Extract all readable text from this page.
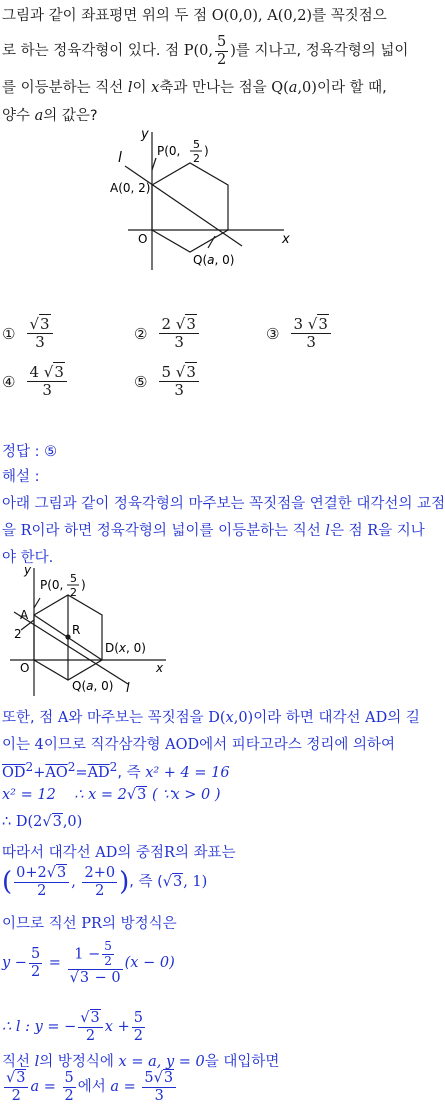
그림과 같이 좌표평면 위의 두 점 O(0,0), A(0,2)를 꼭짓점으
로 하는 정육각형이 있다. 점 P(0, $\frac{5}{2}$ )를 지나고, 정육각형의 넓이
를 이등분하는 직선 l이 x축과 만나는 점을 Q(a,0)이라 할 때,
양수 a의 값은?
y
x
l
O
P(0, 5
2
)
A(0, 2)
Q(a, 0)
① $\frac{√3}{3}$	② $\frac{2 √3}{3}$	③ $\frac{3 √3}{3}$
④ $\frac{4 √3}{3}$	⑤ $\frac{5 √3}{3}$
정답 : ⑤
해설 :
아래 그림과 같이 정육각형의 마주보는 꼭짓점을 연결한 대각선의 교점
을 R이라 하면 정육각형의 넓이를 이등분하는 직선 l은 점 R을 지나
야 한다.
y
x
l
O
A
2	R
P(0, 5
2
)
D(x, 0)
Q(a, 0)
또한, 점 A와 마주보는 꼭짓점을 D(x,0)이라 하면 대각선 AD의 길
이는 4이므로 직각삼각형 AOD에서 피타고라스 정리에 의하여
$\overline{OD}^2+\overline{AO}^2=\overline{AD}^2$, 즉 x² + 4 = 16
x² = 12 ∴ x = 2√3 ( ∵x > 0 )
∴ D(2√3,0)
따라서 대각선 AD의 중점R의 좌표는
( $\frac{0+2√3}{2}$ , $\frac{2+0}{2}$ ), 즉 (√3, 1)
이므로 직선 PR의 방정식은
$y - \frac{5}{2} = \frac{1 - \frac{5}{2}}{√3 - 0} (x - 0)$
∴ l : y = − $\frac{√3}{2}$ $x + \frac{5}{2}$
직선 l의 방정식에 x = a, y = 0을 대입하면
$\frac{√3}{2}$ $a = \frac{5}{2}$ 에서 $a = \frac{5√3}{3}$
